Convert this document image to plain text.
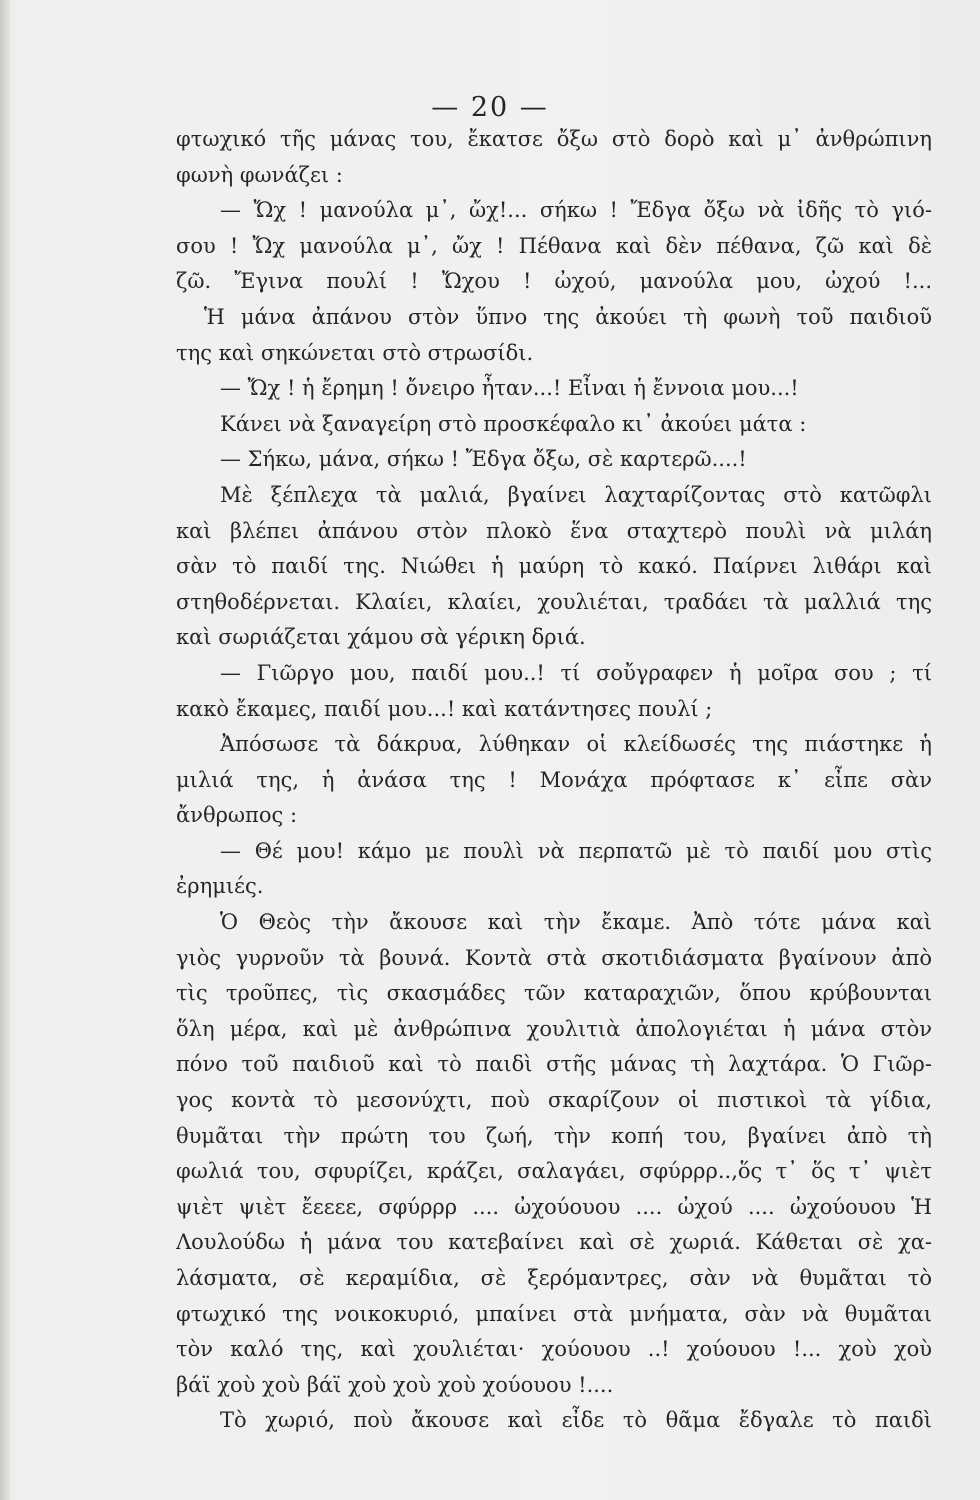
— 20 —
φτωχικό τῆς μάνας του, ἔκατσε ὄξω στὸ δορὸ καὶ μ᾽ ἀνθρώπινη
φωνὴ φωνάζει :
— Ὤχ ! μανούλα μ᾽, ὤχ!... σήκω ! Ἔδγα ὄξω νὰ ἰδῆς τὸ γιό-
σου ! Ὤχ μανούλα μ᾽, ὤχ ! Πέθανα καὶ δὲν πέθανα, ζῶ καὶ δὲ
ζῶ. Ἔγινα πουλί ! Ὤχου ! ὠχού, μανούλα μου, ὠχού !...
Ἡ μάνα ἀπάνου στὸν ὕπνο της ἀκούει τὴ φωνὴ τοῦ παιδιοῦ
της καὶ σηκώνεται στὸ στρωσίδι.
— Ὤχ ! ἡ ἔρημη ! ὄνειρο ἦταν...! Εἶναι ἡ ἔννοια μου...!
Κάνει νὰ ξαναγείρη στὸ προσκέφαλο κι᾽ ἀκούει μάτα :
— Σήκω, μάνα, σήκω ! Ἔδγα ὄξω, σὲ καρτερῶ....!
Μὲ ξέπλεχα τὰ μαλιά, βγαίνει λαχταρίζοντας στὸ κατῶφλι
καὶ βλέπει ἀπάνου στὸν πλοκὸ ἕνα σταχτερὸ πουλὶ νὰ μιλάη
σὰν τὸ παιδί της. Νιώθει ἡ μαύρη τὸ κακό. Παίρνει λιθάρι καὶ
στηθοδέρνεται. Κλαίει, κλαίει, χουλιέται, τραδάει τὰ μαλλιά της
καὶ σωριάζεται χάμου σὰ γέρικη δριά.
— Γιῶργο μου, παιδί μου..! τί σοὔγραφεν ἡ μοῖρα σου ; τί
κακὸ ἔκαμες, παιδί μου...! καὶ κατάντησες πουλί ;
Ἀπόσωσε τὰ δάκρυα, λύθηκαν οἱ κλείδωσές της πιάστηκε ἡ
μιλιά της, ἡ ἀνάσα της ! Μονάχα πρόφτασε κ᾽ εἶπε σὰν
ἄνθρωπος :
— Θέ μου! κάμο με πουλὶ νὰ περπατῶ μὲ τὸ παιδί μου στὶς
ἐρημιές.
Ὁ Θεὸς τὴν ἄκουσε καὶ τὴν ἔκαμε. Ἀπὸ τότε μάνα καὶ
γιὸς γυρνοῦν τὰ βουνά. Κοντὰ στὰ σκοτιδιάσματα βγαίνουν ἀπὸ
τὶς τροῦπες, τὶς σκασμάδες τῶν καταραχιῶν, ὅπου κρύβουνται
ὅλη μέρα, καὶ μὲ ἀνθρώπινα χουλιτιὰ ἀπολογιέται ἡ μάνα στὸν
πόνο τοῦ παιδιοῦ καὶ τὸ παιδὶ στῆς μάνας τὴ λαχτάρα. Ὁ Γιῶρ-
γος κοντὰ τὸ μεσονύχτι, ποὺ σκαρίζουν οἱ πιστικοὶ τὰ γίδια,
θυμᾶται τὴν πρώτη του ζωή, τὴν κοπή του, βγαίνει ἀπὸ τὴ
φωλιά του, σφυρίζει, κράζει, σαλαγάει, σφύρρρ..,ὅς τ᾽ ὅς τ᾽ ψιὲτ
ψιὲτ ψιὲτ ἔεεεε, σφύρρρ .... ὠχούουου .... ὠχού .... ὠχούουου Ἡ
Λουλούδω ἡ μάνα του κατεβαίνει καὶ σὲ χωριά. Κάθεται σὲ χα-
λάσματα, σὲ κεραμίδια, σὲ ξερόμαντρες, σὰν νὰ θυμᾶται τὸ
φτωχικό της νοικοκυριό, μπαίνει στὰ μνήματα, σὰν νὰ θυμᾶται
τὸν καλό της, καὶ χουλιέται· χούουου ..! χούουου !... χοὺ χοὺ
βάϊ χοὺ χοὺ βάϊ χοὺ χοὺ χοὺ χούουου !....
Τὸ χωριό, ποὺ ἄκουσε καὶ εἶδε τὸ θᾶμα ἔδγαλε τὸ παιδὶ
